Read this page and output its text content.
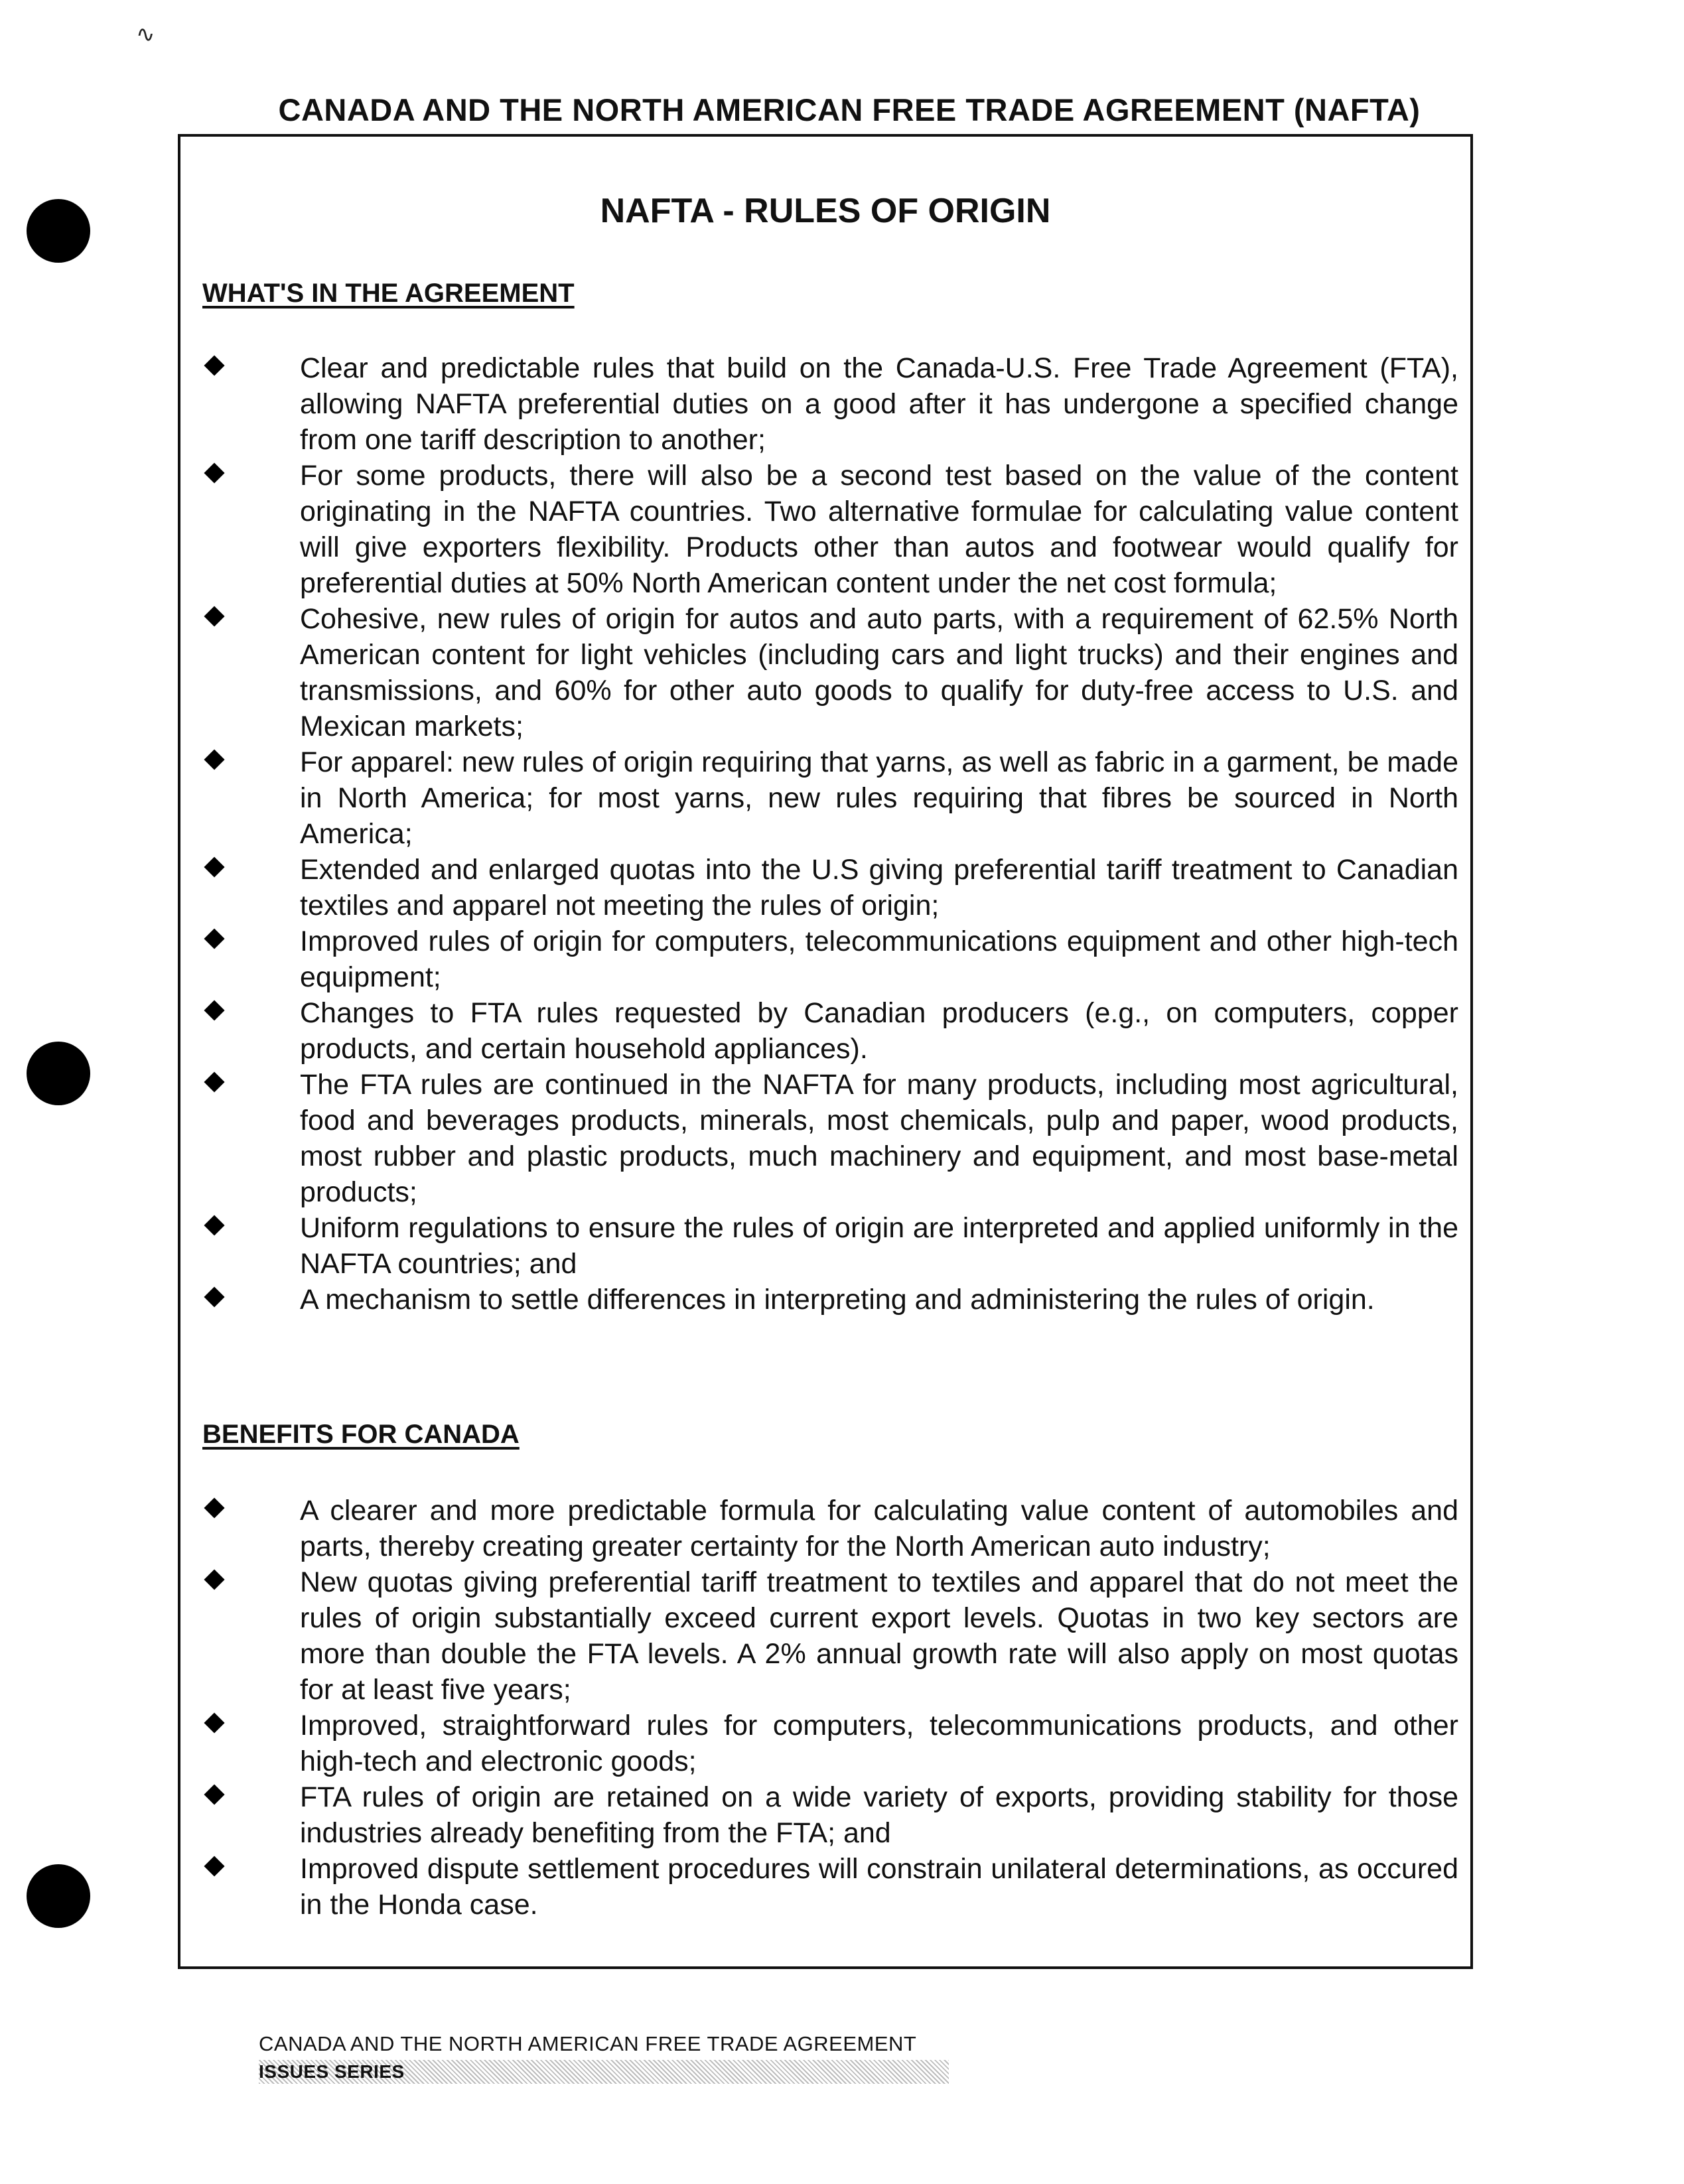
∿
CANADA AND THE NORTH AMERICAN FREE TRADE AGREEMENT (NAFTA)
NAFTA - RULES OF ORIGIN
WHAT'S IN THE AGREEMENT
Clear and predictable rules that build on the Canada-U.S. Free Trade Agreement (FTA), allowing NAFTA preferential duties on a good after it has undergone a specified change from one tariff description to another;
For some products, there will also be a second test based on the value of the content originating in the NAFTA countries. Two alternative formulae for calculating value content will give exporters flexibility. Products other than autos and footwear would qualify for preferential duties at 50% North American content under the net cost formula;
Cohesive, new rules of origin for autos and auto parts, with a requirement of 62.5% North American content for light vehicles (including cars and light trucks) and their engines and transmissions, and 60% for other auto goods to qualify for duty-free access to U.S. and Mexican markets;
For apparel: new rules of origin requiring that yarns, as well as fabric in a garment, be made in North America; for most yarns, new rules requiring that fibres be sourced in North America;
Extended and enlarged quotas into the U.S giving preferential tariff treatment to Canadian textiles and apparel not meeting the rules of origin;
Improved rules of origin for computers, telecommunications equipment and other high-tech equipment;
Changes to FTA rules requested by Canadian producers (e.g., on computers, copper products, and certain household appliances).
The FTA rules are continued in the NAFTA for many products, including most agricultural, food and beverages products, minerals, most chemicals, pulp and paper, wood products, most rubber and plastic products, much machinery and equipment, and most base-metal products;
Uniform regulations to ensure the rules of origin are interpreted and applied uniformly in the NAFTA countries; and
A mechanism to settle differences in interpreting and administering the rules of origin.
BENEFITS FOR CANADA
A clearer and more predictable formula for calculating value content of automobiles and parts, thereby creating greater certainty for the North American auto industry;
New quotas giving preferential tariff treatment to textiles and apparel that do not meet the rules of origin substantially exceed current export levels. Quotas in two key sectors are more than double the FTA levels. A 2% annual growth rate will also apply on most quotas for at least five years;
Improved, straightforward rules for computers, telecommunications products, and other high-tech and electronic goods;
FTA rules of origin are retained on a wide variety of exports, providing stability for those industries already benefiting from the FTA; and
Improved dispute settlement procedures will constrain unilateral determinations, as occured in the Honda case.
CANADA AND THE NORTH AMERICAN FREE TRADE AGREEMENT
ISSUES SERIES
